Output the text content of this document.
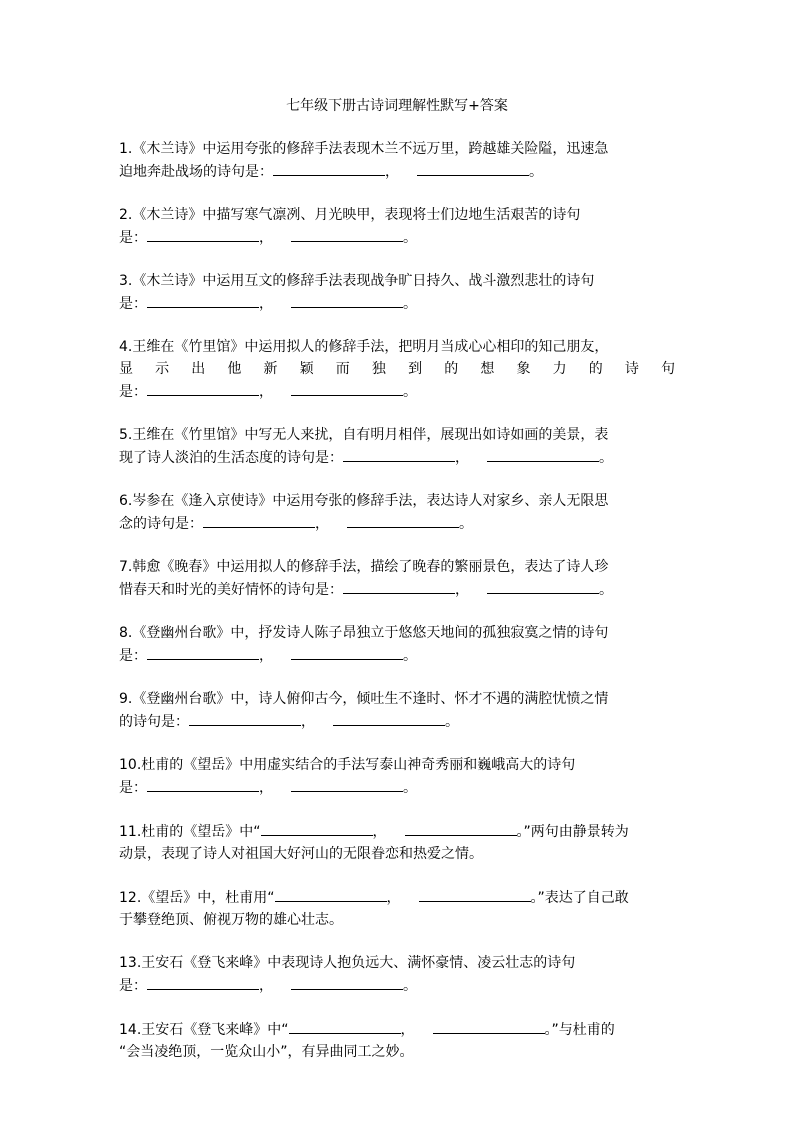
七年级下册古诗词理解性默写+答案
1.《木兰诗》中运用夸张的修辞手法表现木兰不远万里，跨越雄关险隘，迅速急
迫地奔赴战场的诗句是：	，	。
2.《木兰诗》中描写寒气凛冽、月光映甲，表现将士们边地生活艰苦的诗句
是：	，	。
3.《木兰诗》中运用互文的修辞手法表现战争旷日持久、战斗激烈悲壮的诗句
是：	，	。
4.王维在《竹里馆》中运用拟人的修辞手法，把明月当成心心相印的知己朋友，
显示出他新颖而独到的想象力的诗句
是：	，	。
5.王维在《竹里馆》中写无人来扰，自有明月相伴，展现出如诗如画的美景，表
现了诗人淡泊的生活态度的诗句是：	，	。
6.岑参在《逢入京使诗》中运用夸张的修辞手法，表达诗人对家乡、亲人无限思
念的诗句是：	，	。
7.韩愈《晚春》中运用拟人的修辞手法，描绘了晚春的繁丽景色，表达了诗人珍
惜春天和时光的美好情怀的诗句是：	，	。
8.《登幽州台歌》中，抒发诗人陈子昂独立于悠悠天地间的孤独寂寞之情的诗句
是：	，	。
9.《登幽州台歌》中，诗人俯仰古今，倾吐生不逢时、怀才不遇的满腔忧愤之情
的诗句是：	，	。
10.杜甫的《望岳》中用虚实结合的手法写泰山神奇秀丽和巍峨高大的诗句
是：	，	。
11.杜甫的《望岳》中“	，	。”两句由静景转为
动景，表现了诗人对祖国大好河山的无限眷恋和热爱之情。
12.《望岳》中，杜甫用“	，	。”表达了自己敢
于攀登绝顶、俯视万物的雄心壮志。
13.王安石《登飞来峰》中表现诗人抱负远大、满怀豪情、凌云壮志的诗句
是：	，	。
14.王安石《登飞来峰》中“	，	。”与杜甫的
“会当凌绝顶，一览众山小”，有异曲同工之妙。
